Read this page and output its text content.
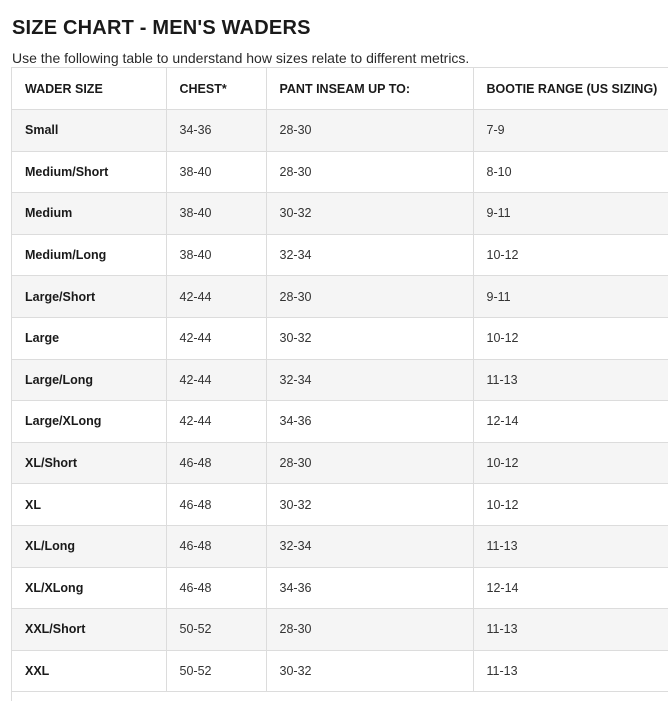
SIZE CHART - MEN'S WADERS

Use the following table to understand how sizes relate to different metrics.

WADER SIZE	CHEST*	PANT INSEAM UP TO:	BOOTIE RANGE (US SIZING)
Small	34-36	28-30	7-9
Medium/Short	38-40	28-30	8-10
Medium	38-40	30-32	9-11
Medium/Long	38-40	32-34	10-12
Large/Short	42-44	28-30	9-11
Large	42-44	30-32	10-12
Large/Long	42-44	32-34	11-13
Large/XLong	42-44	34-36	12-14
XL/Short	46-48	28-30	10-12
XL	46-48	30-32	10-12
XL/Long	46-48	32-34	11-13
XL/XLong	46-48	34-36	12-14
XXL/Short	50-52	28-30	11-13
XXL	50-52	30-32	11-13
